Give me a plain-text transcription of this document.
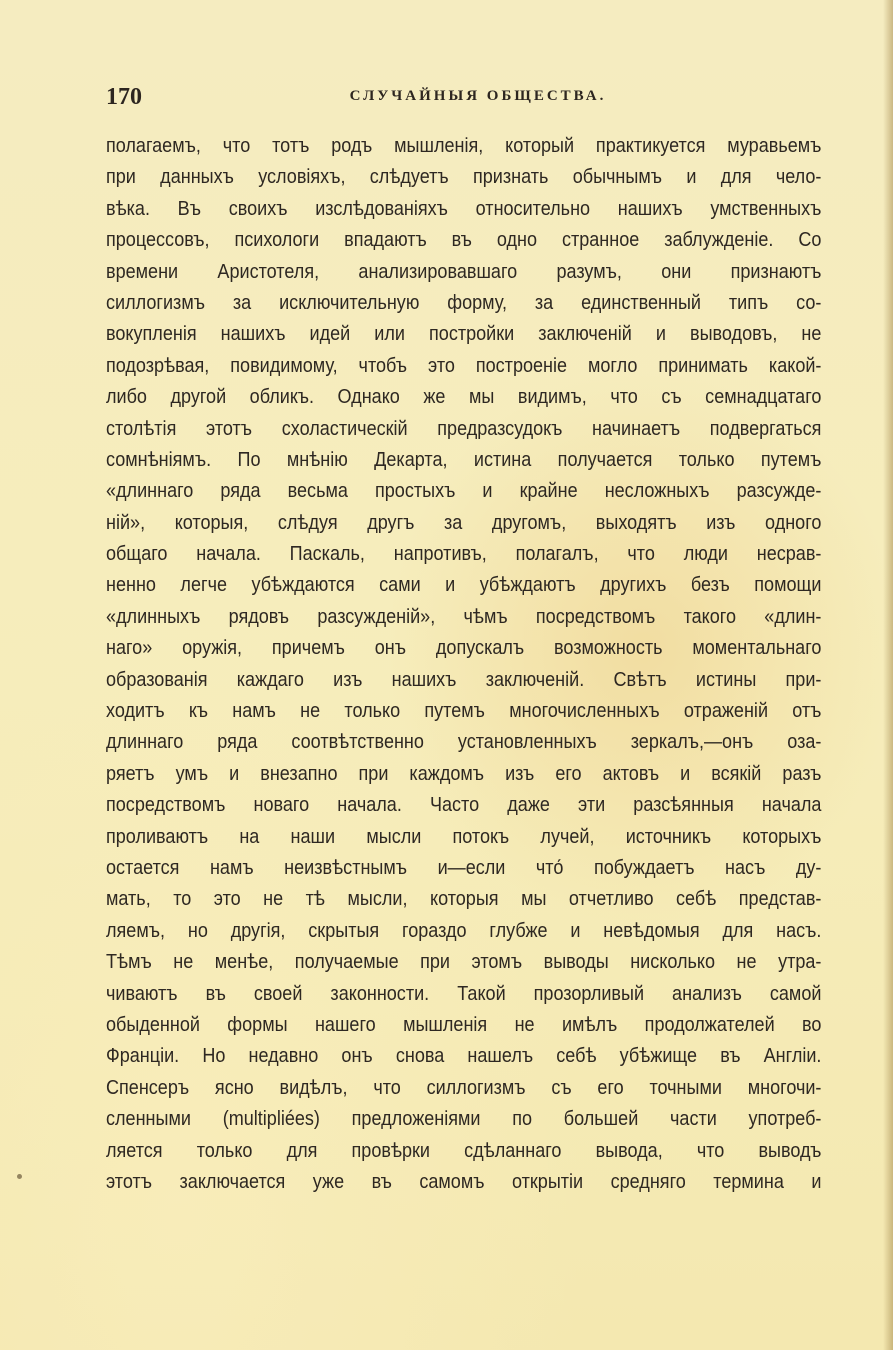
170	СЛУЧАЙНЫЯ ОБЩЕСТВА.
полагаемъ, что тотъ родъ мышленія, который практикуется муравьемъ
при данныхъ условіяхъ, слѣдуетъ признать обычнымъ и для чело-
вѣка. Въ своихъ изслѣдованіяхъ относительно нашихъ умственныхъ
процессовъ, психологи впадаютъ въ одно странное заблужденіе. Со
времени Аристотеля, анализировавшаго разумъ, они признаютъ
силлогизмъ за исключительную форму, за единственный типъ со-
вокупленія нашихъ идей или постройки заключеній и выводовъ, не
подозрѣвая, повидимому, чтобъ это построеніе могло принимать какой-
либо другой обликъ. Однако же мы видимъ, что съ семнадцатаго
столѣтія этотъ схоластическій предразсудокъ начинаетъ подвергаться
сомнѣніямъ. По мнѣнію Декарта, истина получается только путемъ
«длиннаго ряда весьма простыхъ и крайне несложныхъ разсужде-
ній», которыя, слѣдуя другъ за другомъ, выходятъ изъ одного
общаго начала. Паскаль, напротивъ, полагалъ, что люди несрав-
ненно легче убѣждаются сами и убѣждаютъ другихъ безъ помощи
«длинныхъ рядовъ разсужденій», чѣмъ посредствомъ такого «длин-
наго» оружія, причемъ онъ допускалъ возможность моментальнаго
образованія каждаго изъ нашихъ заключеній. Свѣтъ истины при-
ходитъ къ намъ не только путемъ многочисленныхъ отраженій отъ
длиннаго ряда соотвѣтственно установленныхъ зеркалъ,—онъ оза-
ряетъ умъ и внезапно при каждомъ изъ его актовъ и всякій разъ
посредствомъ новаго начала. Часто даже эти разсѣянныя начала
проливаютъ на наши мысли потокъ лучей, источникъ которыхъ
остается намъ неизвѣстнымъ и—если что́ побуждаетъ насъ ду-
мать, то это не тѣ мысли, которыя мы отчетливо себѣ представ-
ляемъ, но другія, скрытыя гораздо глубже и невѣдомыя для насъ.
Тѣмъ не менѣе, получаемые при этомъ выводы нисколько не утра-
чиваютъ въ своей законности. Такой прозорливый анализъ самой
обыденной формы нашего мышленія не имѣлъ продолжателей во
Франціи. Но недавно онъ снова нашелъ себѣ убѣжище въ Англіи.
Спенсеръ ясно видѣлъ, что силлогизмъ съ его точными многочи-
сленными (multipliées) предложеніями по большей части употреб-
ляется только для провѣрки сдѣланнаго вывода, что выводъ
этотъ заключается уже въ самомъ открытіи средняго термина и
